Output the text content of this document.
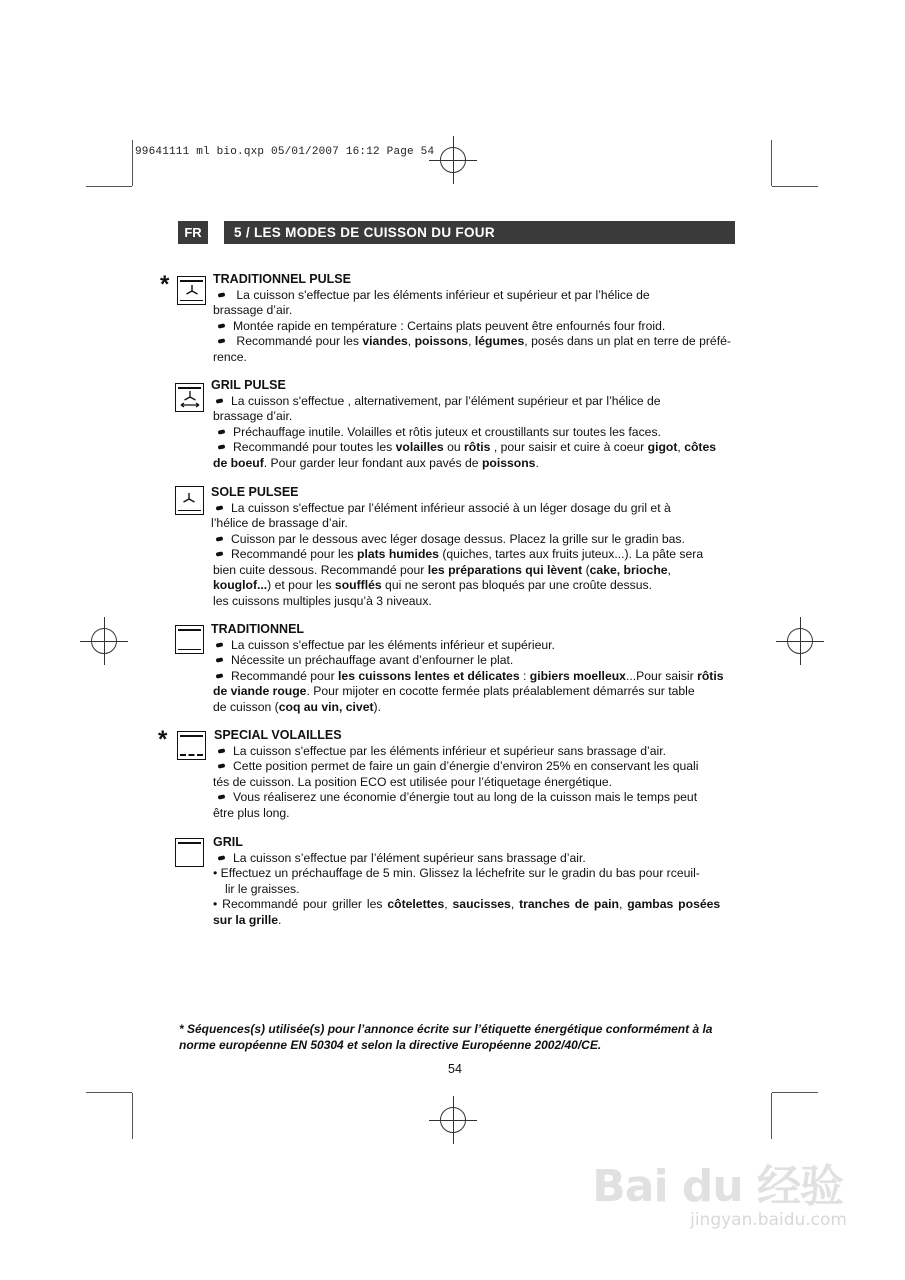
99641111 ml bio.qxp 05/01/2007 16:12 Page 54
FR	5 / LES MODES DE CUISSON DU FOUR
*
*
TRADITIONNEL PULSE
La cuisson s'effectue par les éléments inférieur et supérieur et par l’hélice de
brassage d’air.
Montée rapide en température : Certains plats peuvent être enfournés four froid.
Recommandé pour les viandes, poissons, légumes, posés dans un plat en terre de préfé-
rence.
GRIL PULSE
La cuisson s'effectue , alternativement, par l’élément supérieur et par l’hélice de
brassage d’air.
Préchauffage inutile. Volailles et rôtis juteux et croustillants sur toutes les faces.
Recommandé pour toutes les volailles ou rôtis , pour saisir et cuire à coeur gigot, côtes
de boeuf. Pour garder leur fondant aux pavés de poissons.
SOLE PULSEE
La cuisson s'effectue par l’élément inférieur associé à un léger dosage du gril et à
l’hélice de brassage d’air.
Cuisson par le dessous avec léger dosage dessus. Placez la grille sur le gradin bas.
Recommandé pour les plats humides (quiches, tartes aux fruits juteux...). La pâte sera
bien cuite dessous. Recommandé pour les préparations qui lèvent (cake, brioche,
kouglof...) et pour les soufflés qui ne seront pas bloqués par une croûte dessus.
les cuissons multiples jusqu’à 3 niveaux.
TRADITIONNEL
La cuisson s'effectue par les éléments inférieur et supérieur.
Nécessite un préchauffage avant d’enfourner le plat.
Recommandé pour les cuissons lentes et délicates : gibiers moelleux...Pour saisir rôtis
de viande rouge. Pour mijoter en cocotte fermée plats préalablement démarrés sur table
de cuisson (coq au vin, civet).
SPECIAL VOLAILLES
La cuisson s'effectue par les éléments inférieur et supérieur sans brassage d’air.
Cette position permet de faire un gain d’énergie d’environ 25% en conservant les quali
tés de cuisson. La position ECO est utilisée pour l’étiquetage énergétique.
Vous réaliserez une économie d’énergie tout au long de la cuisson mais le temps peut
être plus long.
GRIL
La cuisson s’effectue par l’élément supérieur sans brassage d’air.
• Effectuez un préchauffage de 5 min. Glissez la léchefrite sur le gradin du bas pour rceuil-
lir le graisses.
• Recommandé pour griller les côtelettes, saucisses, tranches de pain, gambas posées
sur la grille.
* Séquences(s) utilisée(s) pour l’annonce écrite sur l’étiquette énergétique conformément à la norme européenne EN 50304 et selon la directive Européenne 2002/40/CE.
54
Bai du 经验
jingyan.baidu.com
